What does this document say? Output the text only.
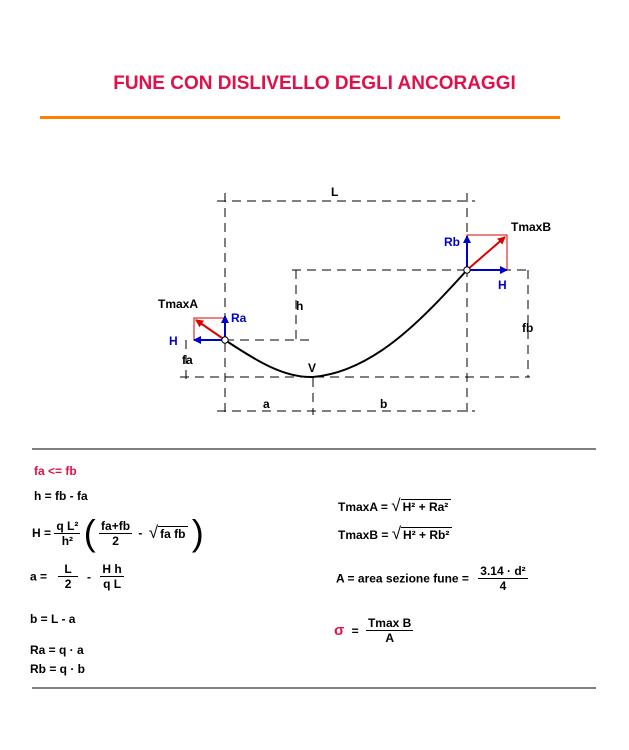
FUNE CON DISLIVELLO DEGLI ANCORAGGI
L
h
fa
fb
a	b
V
TmaxA
TmaxB
Ra
Rb
H
H
fa <= fb
h = fb - fa
$H = \frac{\text{q L²}}{\text{h²}}$ ( $\frac{fa+fb}{2}$ - √ fa fb )
$a = \frac{L}{2} - \frac{\text{H h}}{\text{q L}}$
b = L - a
Ra = q · a
Rb = q · b
TmaxA = √ H² + Ra²
TmaxB = √ H² + Rb²
A = area sezione fune = $\frac{\text{3.14 · d²}}{4}$
$\sigma = \frac{\text{Tmax B}}{A}$
